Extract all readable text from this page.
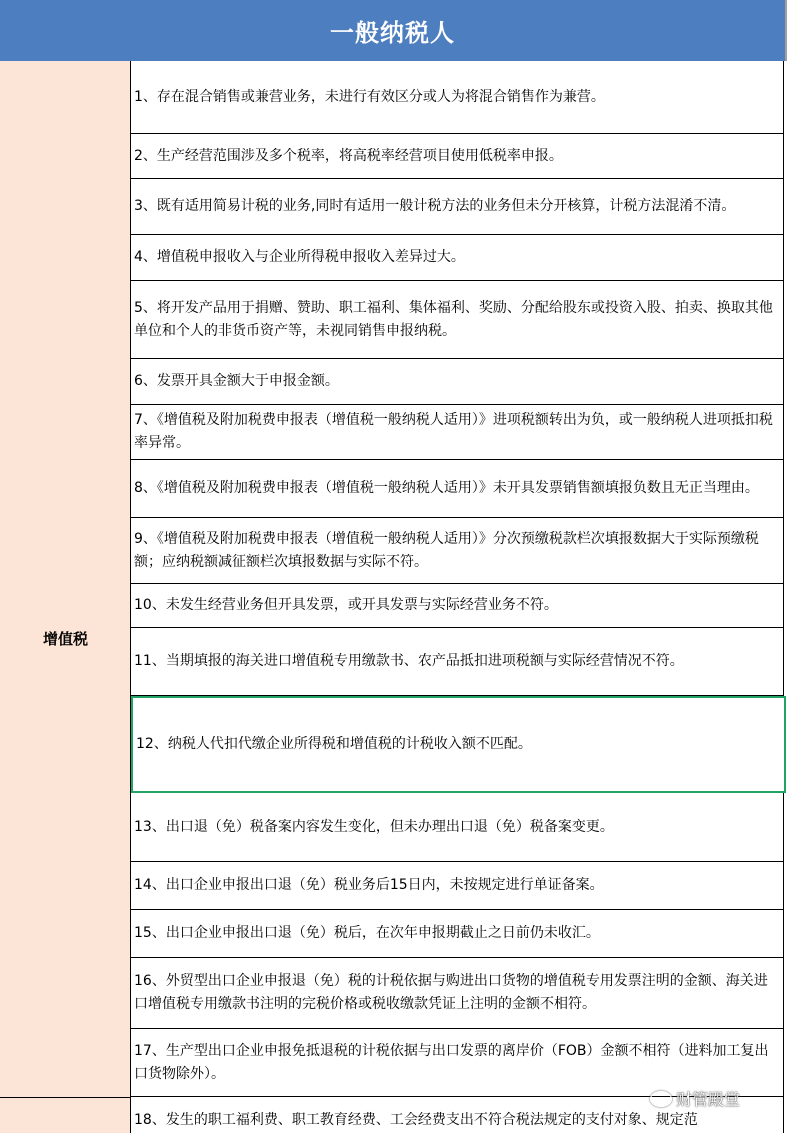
一般纳税人
增值税
1、存在混合销售或兼营业务，未进行有效区分或人为将混合销售作为兼营。
2、生产经营范围涉及多个税率，将高税率经营项目使用低税率申报。
3、既有适用简易计税的业务,同时有适用一般计税方法的业务但未分开核算，计税方法混淆不清。
4、增值税申报收入与企业所得税申报收入差异过大。
5、将开发产品用于捐赠、赞助、职工福利、集体福利、奖励、分配给股东或投资入股、拍卖、换取其他单位和个人的非货币资产等，未视同销售申报纳税。
6、发票开具金额大于申报金额。
7、《增值税及附加税费申报表（增值税一般纳税人适用）》进项税额转出为负，或一般纳税人进项抵扣税率异常。
8、《增值税及附加税费申报表（增值税一般纳税人适用）》未开具发票销售额填报负数且无正当理由。
9、《增值税及附加税费申报表（增值税一般纳税人适用）》分次预缴税款栏次填报数据大于实际预缴税额；应纳税额减征额栏次填报数据与实际不符。
10、未发生经营业务但开具发票，或开具发票与实际经营业务不符。
11、当期填报的海关进口增值税专用缴款书、农产品抵扣进项税额与实际经营情况不符。
12、纳税人代扣代缴企业所得税和增值税的计税收入额不匹配。
13、出口退（免）税备案内容发生变化，但未办理出口退（免）税备案变更。
14、出口企业申报出口退（免）税业务后15日内，未按规定进行单证备案。
15、出口企业申报出口退（免）税后，在次年申报期截止之日前仍未收汇。
16、外贸型出口企业申报退（免）税的计税依据与购进出口货物的增值税专用发票注明的金额、海关进口增值税专用缴款书注明的完税价格或税收缴款凭证上注明的金额不相符。
17、生产型出口企业申报免抵退税的计税依据与出口发票的离岸价（FOB）金额不相符（进料加工复出口货物除外）。
18、发生的职工福利费、职工教育经费、工会经费支出不符合税法规定的支付对象、规定范
财管殿堂
